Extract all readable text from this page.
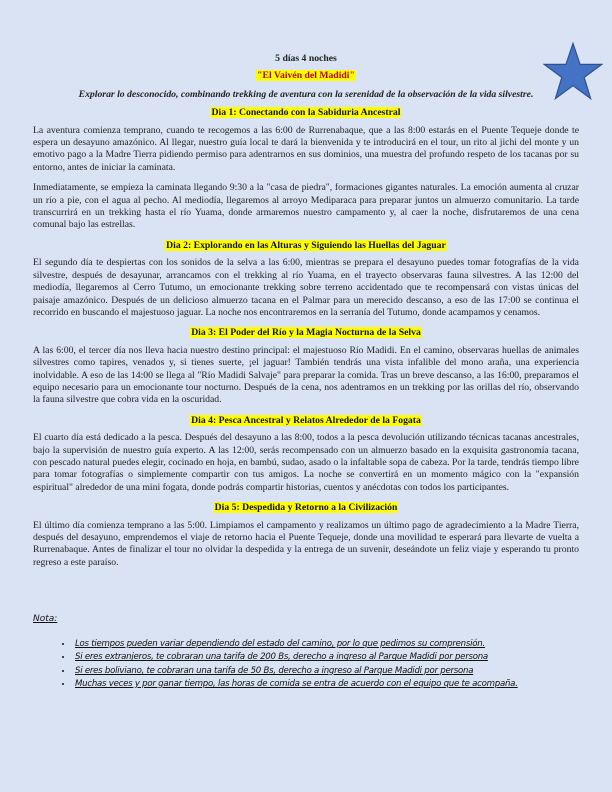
5 días 4 noches
"El Vaivén del Madidi"
Explorar lo desconocido, combinando trekking de aventura con la serenidad de la observación de la vida silvestre.
Dia 1: Conectando con la Sabiduria Ancestral

La aventura comienza temprano, cuando te recogemos a las 6:00 de Rurrenabaque, que a las 8:00 estarás en el Puente Tequeje donde te espera un desayuno amazónico. Al llegar, nuestro guía local te dará la bienvenida y te introducirá en el tour, un rito al jichi del monte y un emotivo pago a la Madre Tierra pidiendo permiso para adentrarnos en sus dominios, una muestra del profundo respeto de los tacanas por su entorno, antes de iniciar la caminata.

Inmediatamente, se empieza la caminata llegando 9:30 a la "casa de piedra", formaciones gigantes naturales. La emoción aumenta al cruzar un río a pie, con el agua al pecho. Al mediodía, llegaremos al arroyo Mediparaca para preparar juntos un almuerzo comunitario. La tarde transcurrirá en un trekking hasta el río Yuama, donde armaremos nuestro campamento y, al caer la noche, disfrutaremos de una cena comunal bajo las estrellas.

Dia 2: Explorando en las Alturas y Siguiendo las Huellas del Jaguar

El segundo día te despiertas con los sonidos de la selva a las 6:00, mientras se prepara el desayuno puedes tomar fotografías de la vida silvestre, después de desayunar, arrancamos con el trekking al río Yuama, en el trayecto observaras fauna silvestres. A las 12:00 del mediodía, llegaremos al Cerro Tutumo, un emocionante trekking sobre terreno accidentado que te recompensará con vistas únicas del paisaje amazónico. Después de un delicioso almuerzo tacana en el Palmar para un merecido descanso, a eso de las 17:00 se continua el recorrido en buscando el majestuoso jaguar. La noche nos encontraremos en la serranía del Tutumo, donde acampamos y cenamos.

Dia 3: El Poder del Río y la Magia Nocturna de la Selva

A las 6:00, el tercer día nos lleva hacia nuestro destino principal: el majestuoso Río Madidi. En el camino, observaras huellas de animales silvestres como tapires, venados y, si tienes suerte, ¡el jaguar! También tendrás una vista infalible del mono araña, una experiencia inolvidable. A eso de las 14:00 se llega al "Río Madidi Salvaje" para preparar la comida. Tras un breve descanso, a las 16:00, preparamos el equipo necesario para un emocionante tour nocturno. Después de la cena, nos adentramos en un trekking por las orillas del río, observando la fauna silvestre que cobra vida en la oscuridad.

Dia 4: Pesca Ancestral y Relatos Alrededor de la Fogata

El cuarto día está dedicado a la pesca. Después del desayuno a las 8:00, todos a la pesca devolución utilizando técnicas tacanas ancestrales, bajo la supervisión de nuestro guía experto. A las 12:00, serás recompensado con un almuerzo basado en la exquisita gastronomía tacana, con pescado natural puedes elegir, cocinado en hoja, en bambú, sudao, asado o la infaltable sopa de cabeza. Por la tarde, tendrás tiempo libre para tomar fotografías o simplemente compartir con tus amigos. La noche se convertirá en un momento mágico con la "expansión espiritual" alrededor de una mini fogata, donde podrás compartir historias, cuentos y anécdotas con todos los participantes.

Dia 5: Despedida y Retorno a la Civilización

El último día comienza temprano a las 5:00. Limpiamos el campamento y realizamos un último pago de agradecimiento a la Madre Tierra, después del desayuno, emprendemos el viaje de retorno hacia el Puente Tequeje, donde una movilidad te esperará para llevarte de vuelta a Rurrenabaque. Antes de finalizar el tour no olvidar la despedida y la entrega de un suvenir, deseándote un feliz viaje y esperando tu pronto regreso a este paraíso.

Nota:
• Los tiempos pueden variar dependiendo del estado del camino, por lo que pedimos su comprensión.
• Si eres extranjeros, te cobraran una tarifa de 200 Bs, derecho a ingreso al Parque Madidi por persona
• Si eres boliviano, te cobraran una tarifa de 50 Bs, derecho a ingreso al Parque Madidi por persona
• Muchas veces y por ganar tiempo, las horas de comida se entra de acuerdo con el equipo que te acompaña.
